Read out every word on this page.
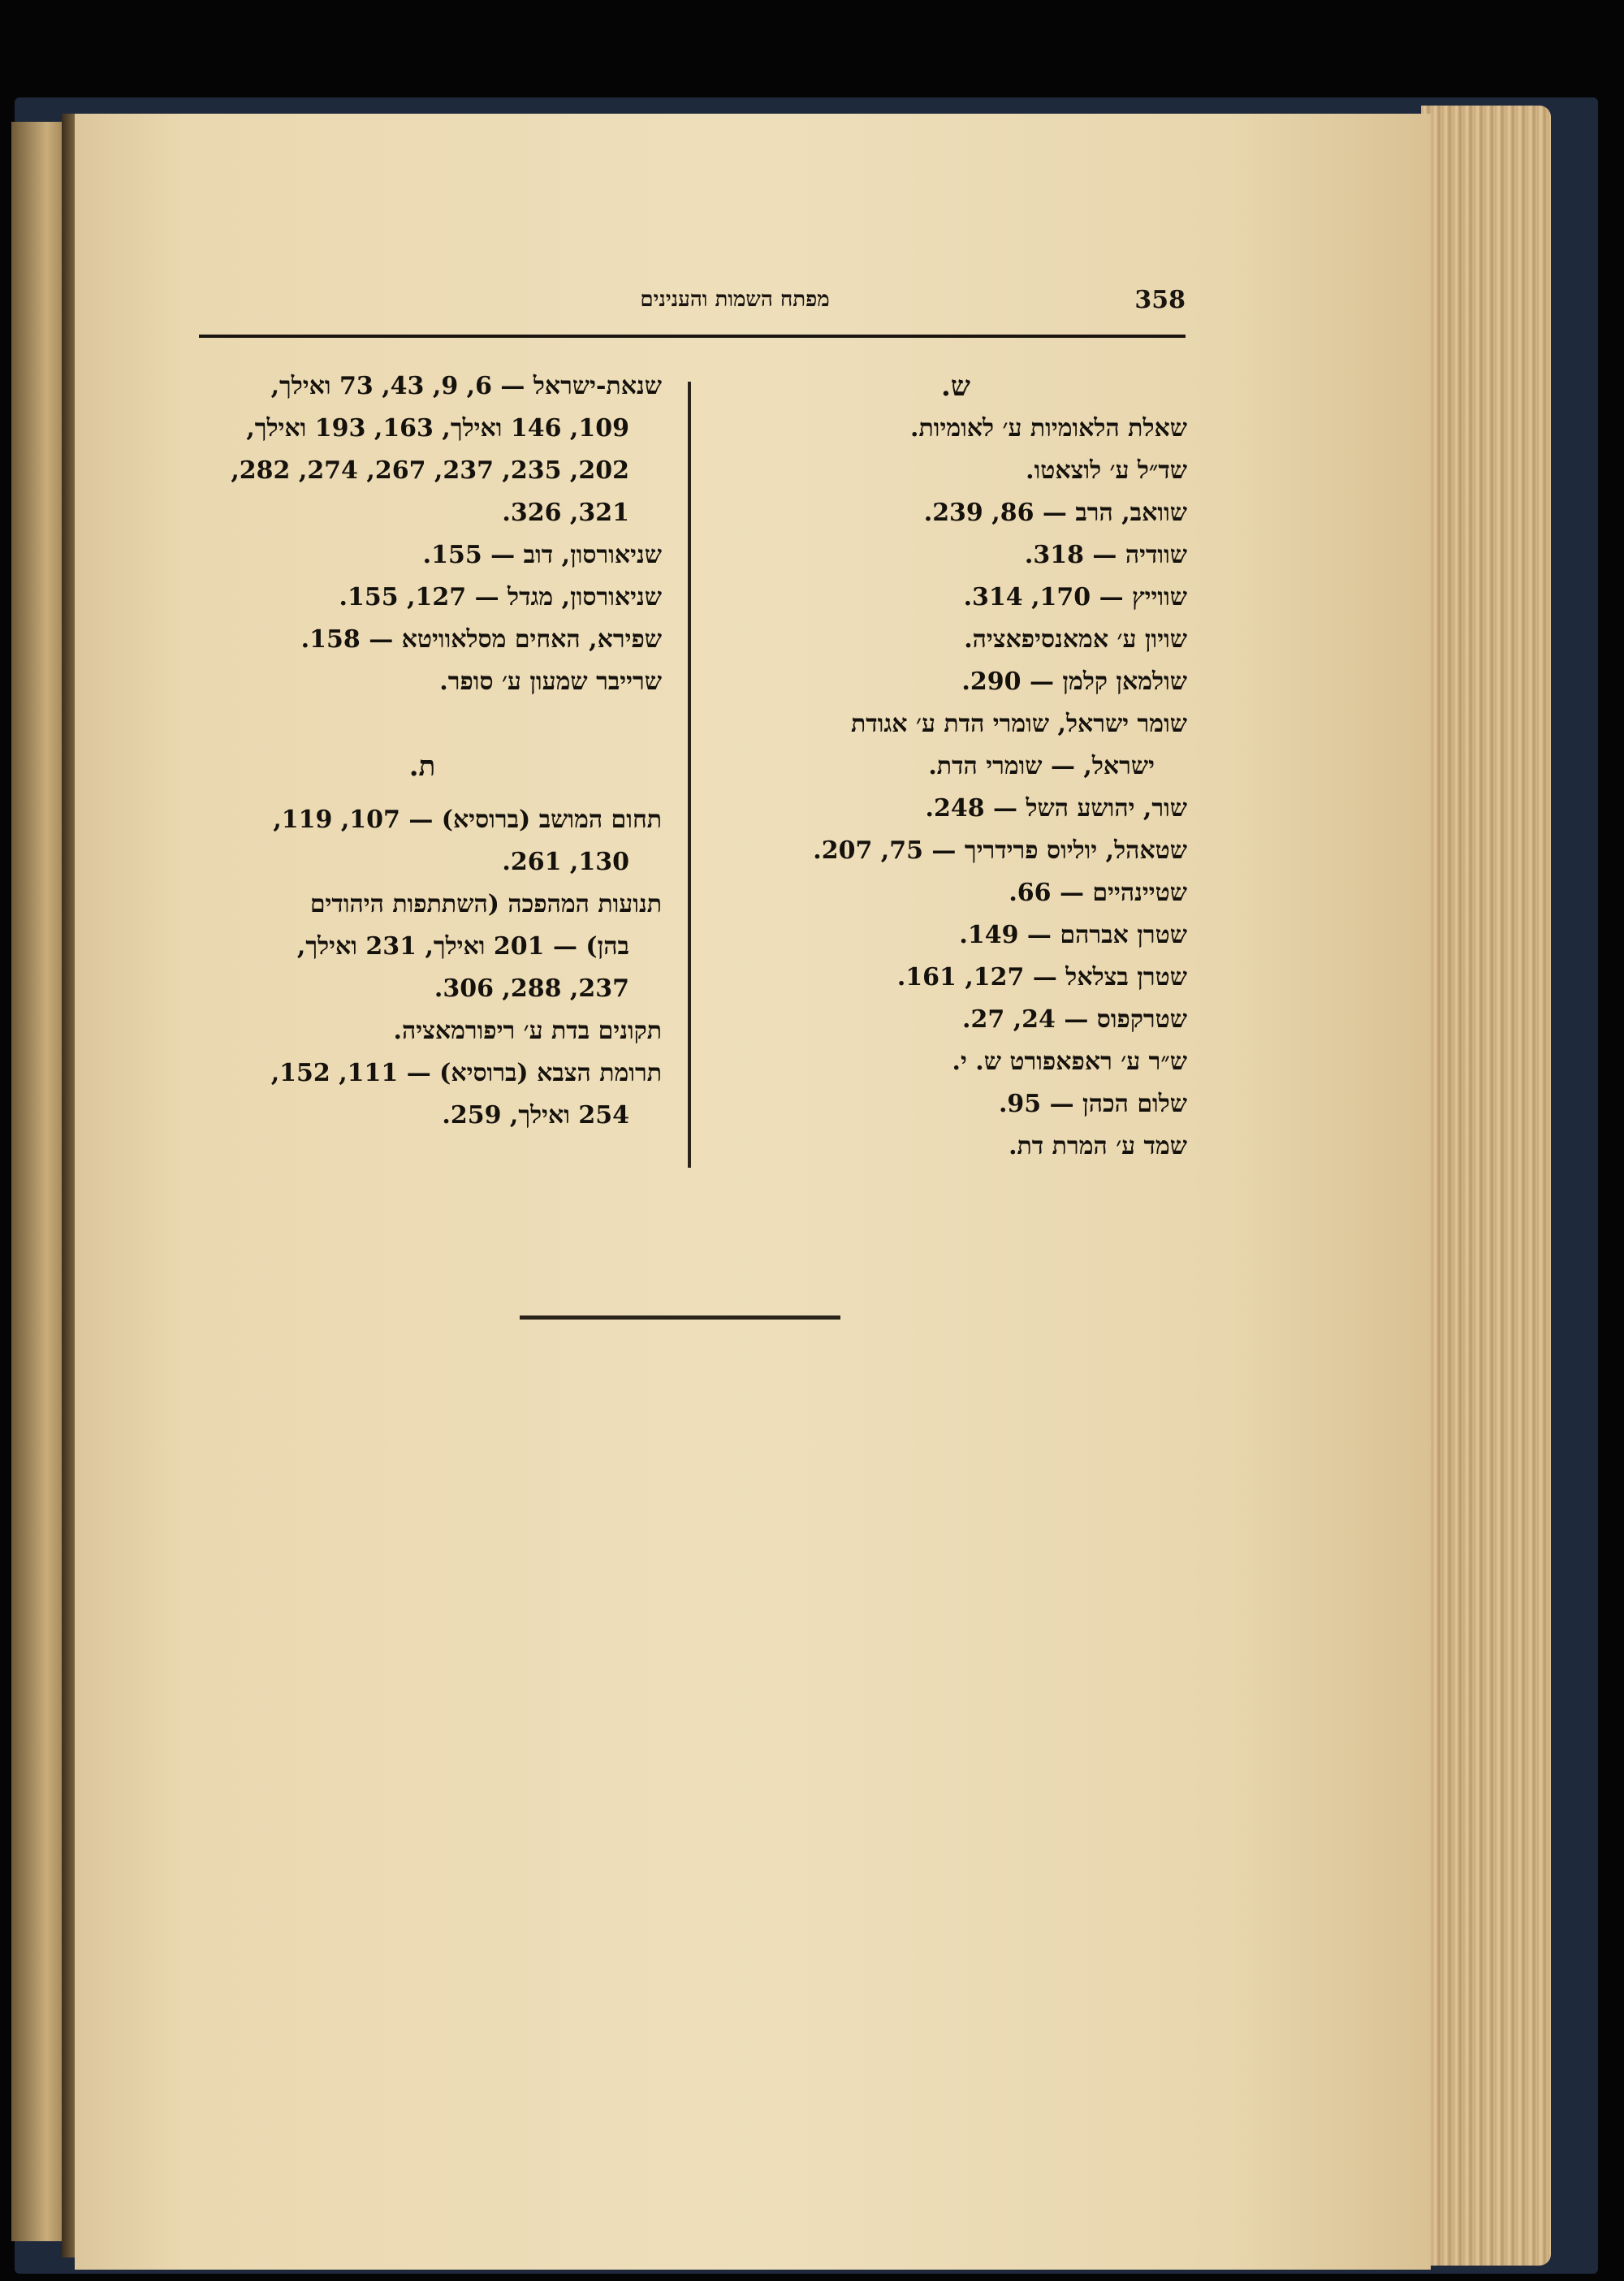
מפתח השמות והענינים	358
ש.
שאלת הלאומיות ע׳ לאומיות.
שד״ל ע׳ לוצאטו.
שוואב, הרב — 86, 239.
שוודיה — 318.
שווייץ — 170, 314.
שויון ע׳ אמאנסיפאציה.
שולמאן קלמן — 290.
שומר ישראל, שומרי הדת ע׳ אגודת
ישראל, — שומרי הדת.
שור, יהושע השל — 248.
שטאהל, יוליוס פרידריך — 75, 207.
שטיינהיים — 66.
שטרן אברהם — 149.
שטרן בצלאל — 127, 161.
שטרקפוס — 24, 27.
ש״ר ע׳ ראפאפורט ש. י.
שלום הכהן — 95.
שמד ע׳ המרת דת.
שנאת-ישראל — 6, 9, 43, 73 ואילך,
109, 146 ואילך, 163, 193 ואילך,
202, 235, 237, 267, 274, 282,
321, 326.
שניאורסון, דוב — 155.
שניאורסון, מגדל — 127, 155.
שפירא, האחים מסלאוויטא — 158.
שרייבר שמעון ע׳ סופר.
ת.
תחום המושב (ברוסיא) — 107, 119,
130, 261.
תנועות המהפכה (השתתפות היהודים
בהן) — 201 ואילך, 231 ואילך,
237, 288, 306.
תקונים בדת ע׳ ריפורמאציה.
תרומת הצבא (ברוסיא) — 111, 152,
254 ואילך, 259.
